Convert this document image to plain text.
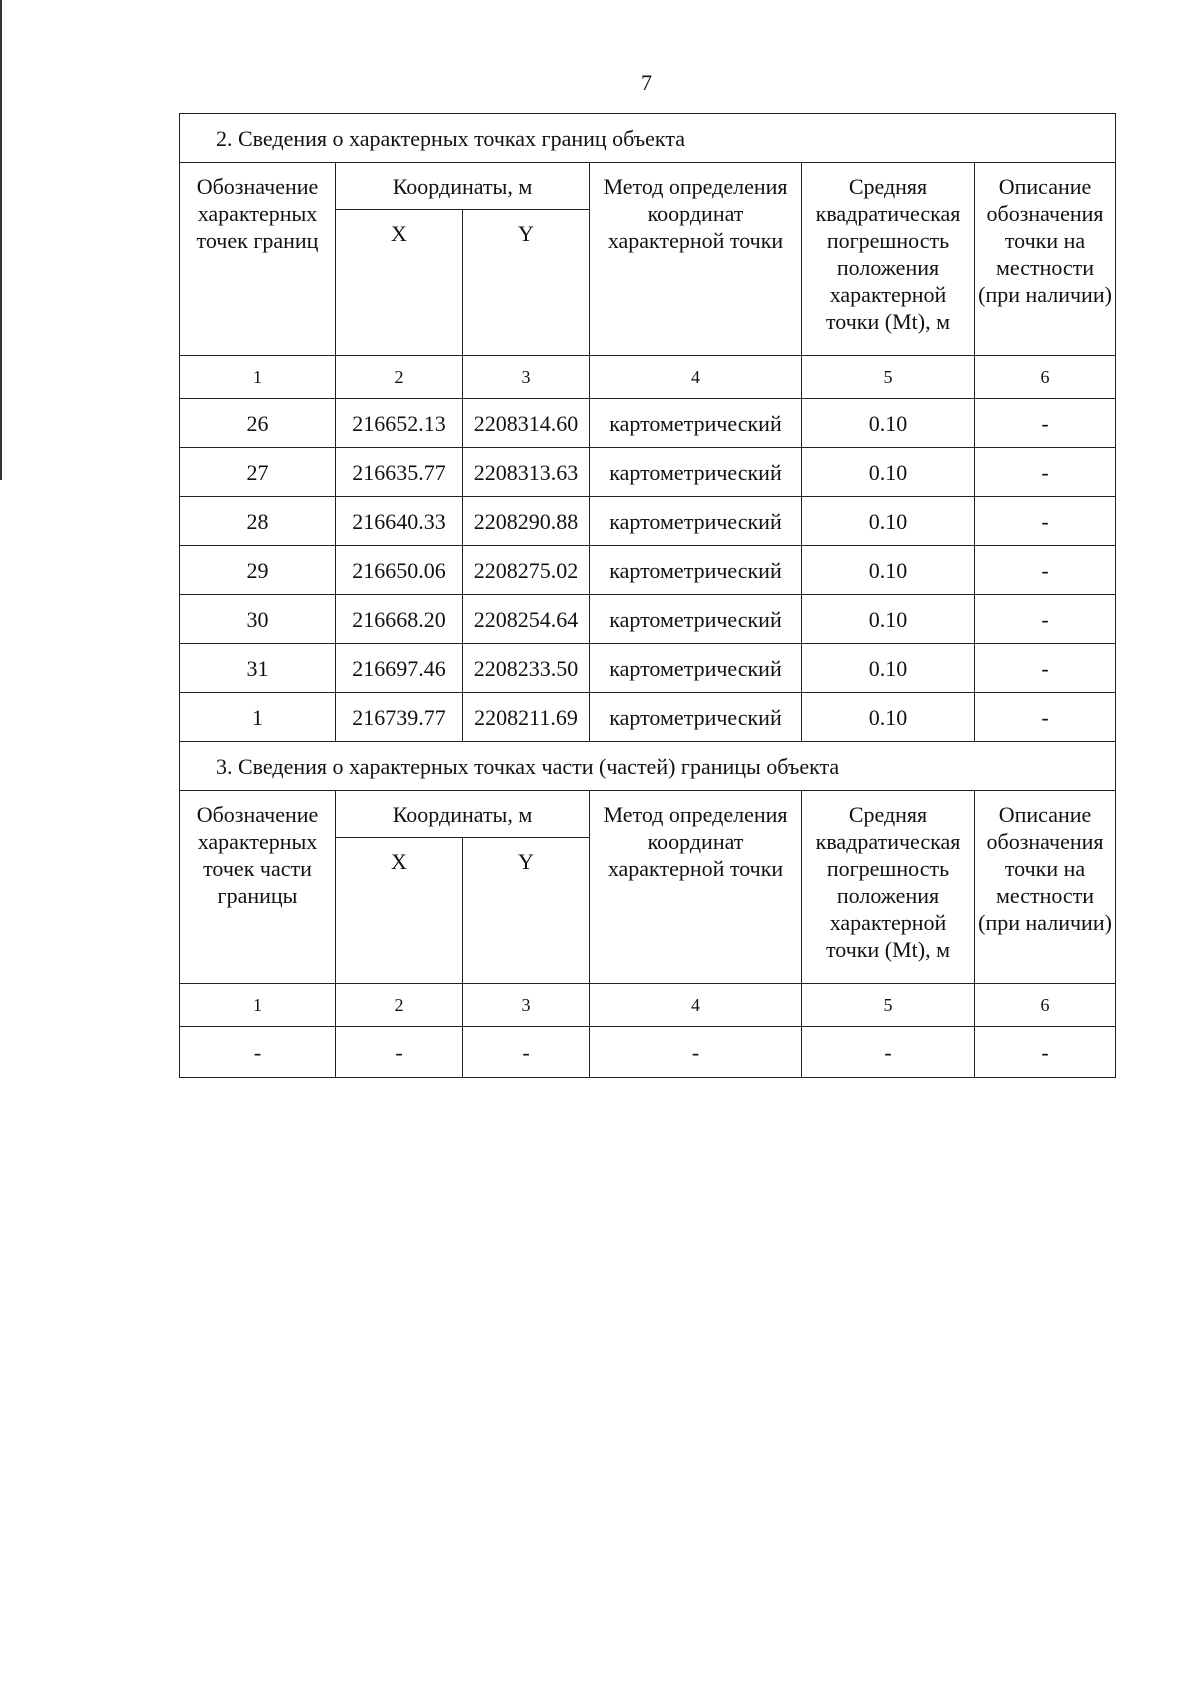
7
2. Сведения о характерных точках границ объекта					
Обозначение характерных точек границ	Координаты, м		Метод определения координат характерной точки	Средняя квадратическая погрешность положения характерной точки (Mt), м	Описание обозначения точки на местности (при наличии)
	X	Y			
1	2	3	4	5	6
26	216652.13	2208314.60	картометрический	0.10	-
27	216635.77	2208313.63	картометрический	0.10	-
28	216640.33	2208290.88	картометрический	0.10	-
29	216650.06	2208275.02	картометрический	0.10	-
30	216668.20	2208254.64	картометрический	0.10	-
31	216697.46	2208233.50	картометрический	0.10	-
1	216739.77	2208211.69	картометрический	0.10	-
3. Сведения о характерных точках части (частей) границы объекта					
Обозначение характерных точек части границы	Координаты, м		Метод определения координат характерной точки	Средняя квадратическая погрешность положения характерной точки (Mt), м	Описание обозначения точки на местности (при наличии)
	X	Y			
1	2	3	4	5	6
-	-	-	-	-	-
